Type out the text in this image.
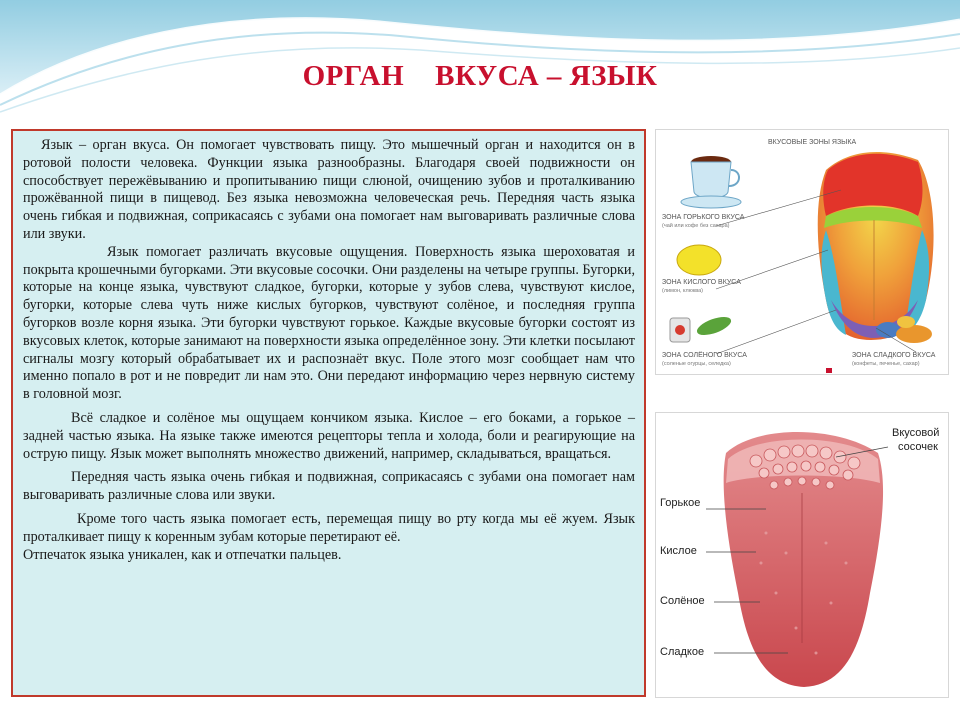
ОРГАН    ВКУСА – ЯЗЫК

Язык – орган вкуса. Он помогает чувствовать пищу. Это мышечный орган и находится он в ротовой полости человека. Функции языка разнообразны. Благодаря своей подвижности он способствует пережёвыванию и пропитыванию пищи слюной, очищению зубов и проталкиванию прожёванной пищи в пищевод. Без языка невозможна человеческая речь. Передняя часть языка очень гибкая и подвижная, соприкасаясь с зубами она помогает нам выговаривать различные слова или звуки.

Язык помогает различать вкусовые ощущения. Поверхность языка шероховатая и покрыта крошечными бугорками. Эти вкусовые сосочки. Они разделены на четыре группы. Бугорки, которые на конце языка, чувствуют сладкое, бугорки, которые у зубов слева, чувствуют кислое, бугорки, которые слева чуть ниже кислых бугорков, чувствуют солёное, и последняя группа бугорков возле корня языка. Эти бугорки чувствуют горькое. Каждые вкусовые бугорки состоят из вкусовых клеток, которые занимают на поверхности языка определённое зону. Эти клетки посылают сигналы мозгу который обрабатывает их и распознаёт вкус. Поле этого мозг сообщает нам что именно попало в рот и не повредит ли нам это. Они передают информацию через нервную систему в головной мозг.

Всё сладкое и солёное мы ощущаем кончиком языка. Кислое – его боками, а горькое – задней частью языка. На языке также имеются рецепторы тепла и холода, боли и реагирующие на острую пищу. Язык может выполнять множество движений, например, складываться, вращаться.

Передняя часть языка очень гибкая и подвижная, соприкасаясь с зубами она помогает нам выговаривать различные слова или звуки.

Кроме того часть языка помогает есть, перемещая пищу во рту когда мы её жуем. Язык проталкивает пищу к коренным зубам которые перетирают её.

Отпечаток языка уникален, как и отпечатки пальцев.

ВКУСОВЫЕ ЗОНЫ ЯЗЫКА
ЗОНА ГОРЬКОГО ВКУСА
(чай или кофе без сахара)
ЗОНА КИСЛОГО ВКУСА
(лимон, клюква)
ЗОНА СОЛЁНОГО ВКУСА
(соленые огурцы, селедка)
ЗОНА СЛАДКОГО ВКУСА
(конфеты, печенье, сахар)
Вкусовой
сосочек
Горькое
Кислое
Солёное
Сладкое
